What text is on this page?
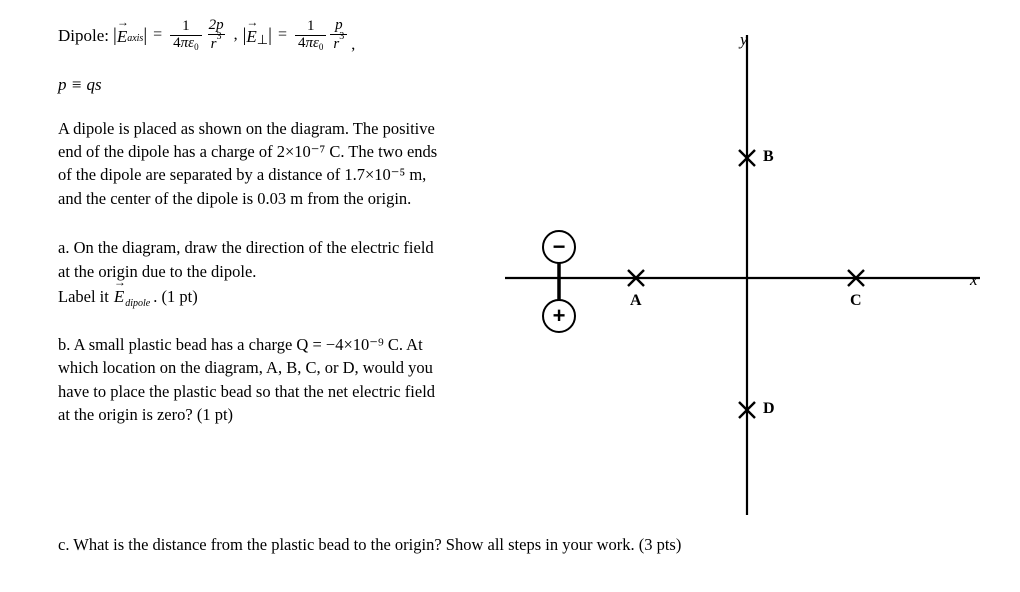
Dipole: | → E axis | = $\frac{1}{4\pi\varepsilon_0} \frac{2p}{r^3}$ , | → E ⊥ | = $\frac{1}{4\pi\varepsilon_0} \frac{p}{r^3}$ ,
p ≡ qs
A dipole is placed as shown on the diagram. The positive end of the dipole has a charge of 2×10⁻⁷ C. The two ends of the dipole are separated by a distance of 1.7×10⁻⁵ m, and the center of the dipole is 0.03 m from the origin.
a. On the diagram, draw the direction of the electric field at the origin due to the dipole.
Label it → E dipole . (1 pt)
b. A small plastic bead has a charge Q = −4×10⁻⁹ C. At which location on the diagram, A, B, C, or D, would you have to place the plastic bead so that the net electric field at the origin is zero? (1 pt)
c. What is the distance from the plastic bead to the origin? Show all steps in your work. (3 pts)
x
y
A
B
C
D
−
+
